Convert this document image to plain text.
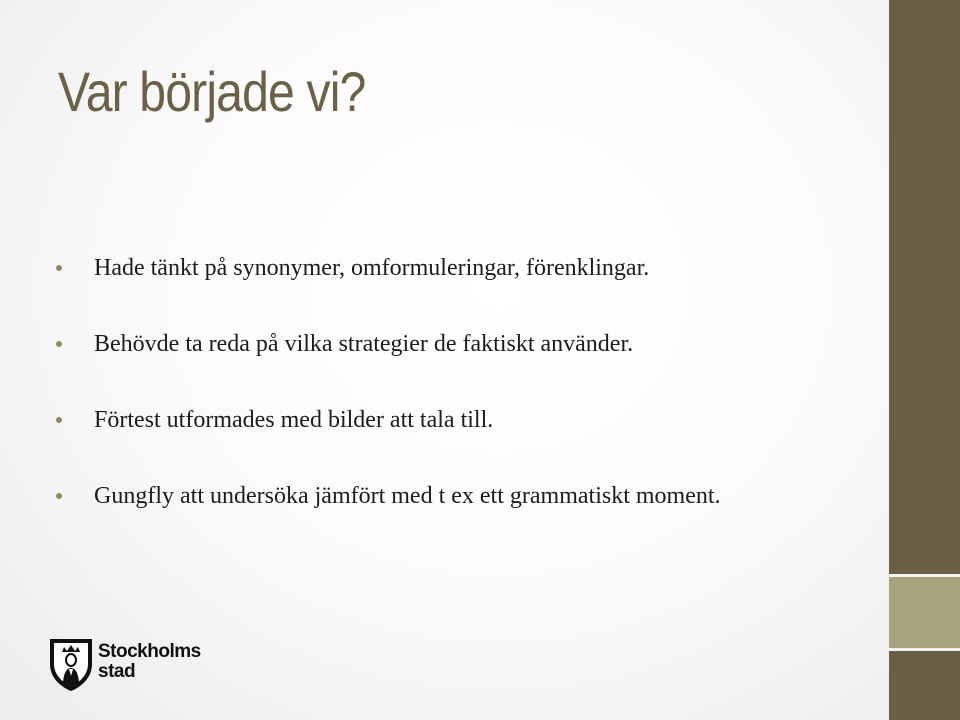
Var började vi?
Hade tänkt på synonymer, omformuleringar, förenklingar.
Behövde ta reda på vilka strategier de faktiskt använder.
Förtest utformades med bilder att tala till.
Gungfly att undersöka jämfört med t ex ett grammatiskt moment.
Stockholms
stad
